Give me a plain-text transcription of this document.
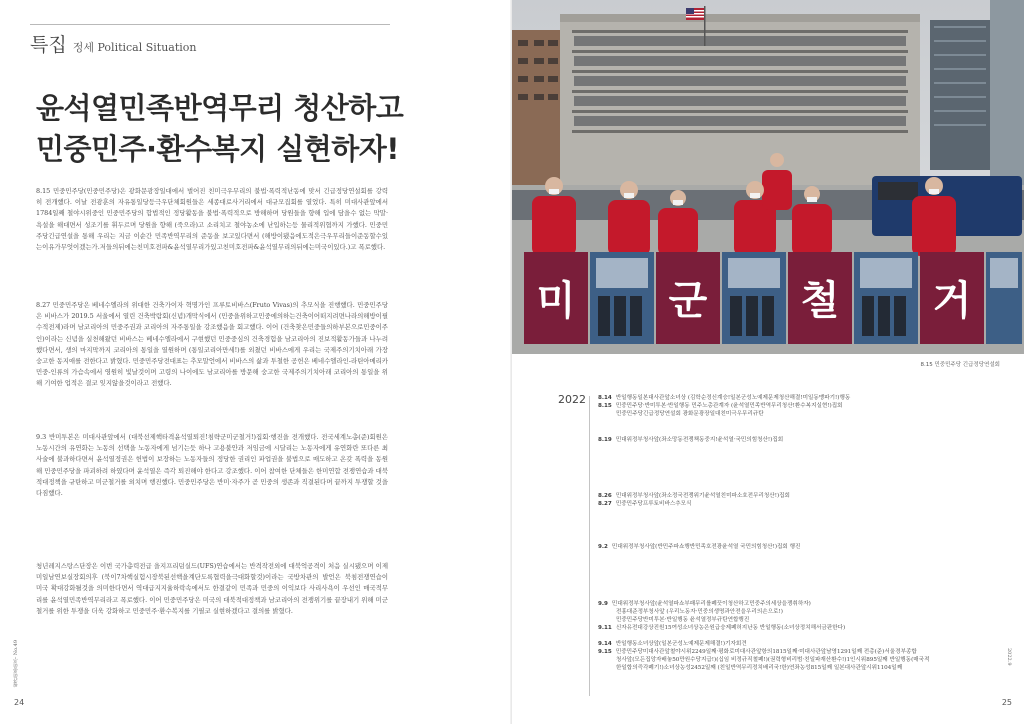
특집 정세 Political Situation
윤석열민족반역무리 청산하고
민중민주·환수복지 실현하자!
8.15 민중민주당(민중민주당)은 광화문광장일대에서 벌어진 친미극우무리의 불법·폭력적난동에 맞서 긴급정당연설회를 강력히 전개했다. 이날 전광훈의 자유통일당등극우단체회원들은 세종대로사거리에서 대규모집회를 열었다. 특히 미대사관앞에서 1784일째 철야시위중인 민중민주당의 합법적인 정당활동을 불법·폭력적으로 방해하며 당원들을 향해 입에 담을수 없는 막말·욕설을 해대면서 성조기를 휘두르며 당원을 향해 (죽으라)고 소리치고 철야농소에 난입하는등 물리적위협까지 가했다. 민중민주당긴급연설을 통해 우리는 지금 이순간 민족반역무리의 준동을 보고있다면서 (해방이됐음에도적은극우무리들이준동할수있는이유가무엇이겠는가.저들의뒤에는친미호전파&윤석열무리가있고친미호전파&윤석열무리의뒤에는미국이있다.)고 폭로했다.
8.27 민중민주당은 베네수엘라의 위대한 건축가이자 혁명가인 프루토비바스(Fruto Vivas)의 추모식을 진행했다. 민중민주당은 비바스가 2019.5 서울에서 열린 건축박람회(신념)개막식에서 (민중을위하고민중에의하는건축이어떠지려면나라의해방이필수적전제)라며 남코리아의 민중주권과 코리아의 자주통일을 강조했음을 회고했다. 이어 (건축찾은민중들의하부본으로민중이주인)이라는 신념을 실천해왔던 비바스는 베네수엘라에서 구현했던 민중중심의 건축경험을 남코리아의 진보적활동가들과 나누려했다면서, 생의 마지막까지 코리아의 통일을 열원하며 (통일코리아만세!)를 외쳤던 비바스에게 우리는 국제주의기치아래 가장 숭고한 동지애를 전한다고 밝혔다. 민중민주당전대표는 추모말언에서 비바스의 삶과 투철한 공헌은 베네수엘라인-라틴아메리카민중-인류의 가슴속에서 영원히 빛날것이며 고령의 나이에도 남코리아를 방문해 숭고한 국제주의기치아래 코리아의 통일을 위해 기여한 업적은 결코 잊지않을것이라고 전했다.
9.3 반미투본은 미대사관앞에서 (대북선제핵타격윤석열퇴진!침략군미군철거!)집회·행진을 전개했다. 전국세계노총(준)회원은 노동시간의 유연화는 노동의 선택을 노동자에게 넘기는듯 하나 고용불안과 저임금에 시달리는 노동자에게 유연화란 또다른 최사술에 불과하다면서 윤석열정권은 헌법이 보장하는 노동자들의 정당한 권리인 파업권을 불법으로 매도하고 온갖 폭력을 동원해 민중민주당을 파괴하려 하였다며 윤석열은 즉각 퇴진해야 한다고 강조했다. 이어 참여한 단체들은 한미연합 전쟁연습과 대북적대정책을 규탄하고 미군철거를 외치며 행진했다. 민중민주당은 반미·자주가 곧 민중의 생존과 직결된다며 끝까지 투쟁할 것을 다짐했다.
청년레지스탕스단장은 이번 국가총력전급 을지프리덤실드(UFS)연습에서는 반격작전외에 대북억공격이 처음 실시됐으며 이제 미일남연보실장회의후 (북이7차핵실험시장북된선핵을계단도록협력을극대화할것)이라는 국방차관의 발언은 북침전쟁연습이 미국 확대강화될것을 의미한다면서 역대급지지율하락속에서도 한결같이 민족과 민중의 이익보다 사리사욕이 우선인 매국적무리를 윤석열민족반역무리라고 폭로했다. 이어 민중민주당은 미국의 대북적대정책과 남코리아의 전쟁위기를 끝장내기 위해 미군철거를 위한 투쟁을 더욱 강화하고 민중민주·환수복지를 기필코 실현하겠다고 결의를 밝혔다.
월간민중민주 No.49
24
미 군 철 거
8.15 민중민주당 긴급정당연설회
2022 8.14 반일행동일본대사관앞소녀상 (김학순정신계승!일본군성노예제문제청산해결!미일동맹파기!)행동
8.15 민중민주당·반미투본·반일행동 민주노총관계자 (윤석열민족반역무리청산!환수복지실현!)집회
민중민주당긴급정당연설회 광화문광장일대친미극우무리규탄
8.19 민대위정부청사앞(좌소망동전쟁책동중지!윤석열·국민의힘청산!)집회
8.26 민대위정부청사앞(좌소정국전쟁위기윤석열친미파소호전무리청산!)집회
8.27 민중민주당프루토비바스추모식
9.2 민대위정부청사앞(반민주파쇼행반민족호전광윤석열 국민의힘청산!)집회 행진
9.9 민대위정부청사앞(윤석열파쇼부패무리를폐끗이청산하고민중주의세상을쟁취하자)
전홍대준정부청사앞 (우리노동자·민중의생명과안전을우리의손으로!)
민중민주당반미투본·반일행동 윤석열정부규탄연합행진
9.11 신자유전대강상진원15여성소녀상농은원급숭제폐허지난동 반일행동(소녀상정치해서금판한다)
9.14 반일행동소녀상앞(일본군성노예제문제해결!)기자회견
9.15 민중민주당미대사관앞철야시위2249일째·평화로미대사관앞항의1815일째·미대사관앞남영1291일째 전총(준)서울경부종합
청사앞(모든집앙자배놓50만원수당지급!)(십임 비정규직철폐!)(권력형비리범·친일파재산환수!)1인시위895일째 반일행동(매국적
한일합의즉각폐기!)소녀상농성2452일째 (친일반역무리정치배리국!한)연좌농성815일째 일본대사관앞시위1104일째
2022.9
25
